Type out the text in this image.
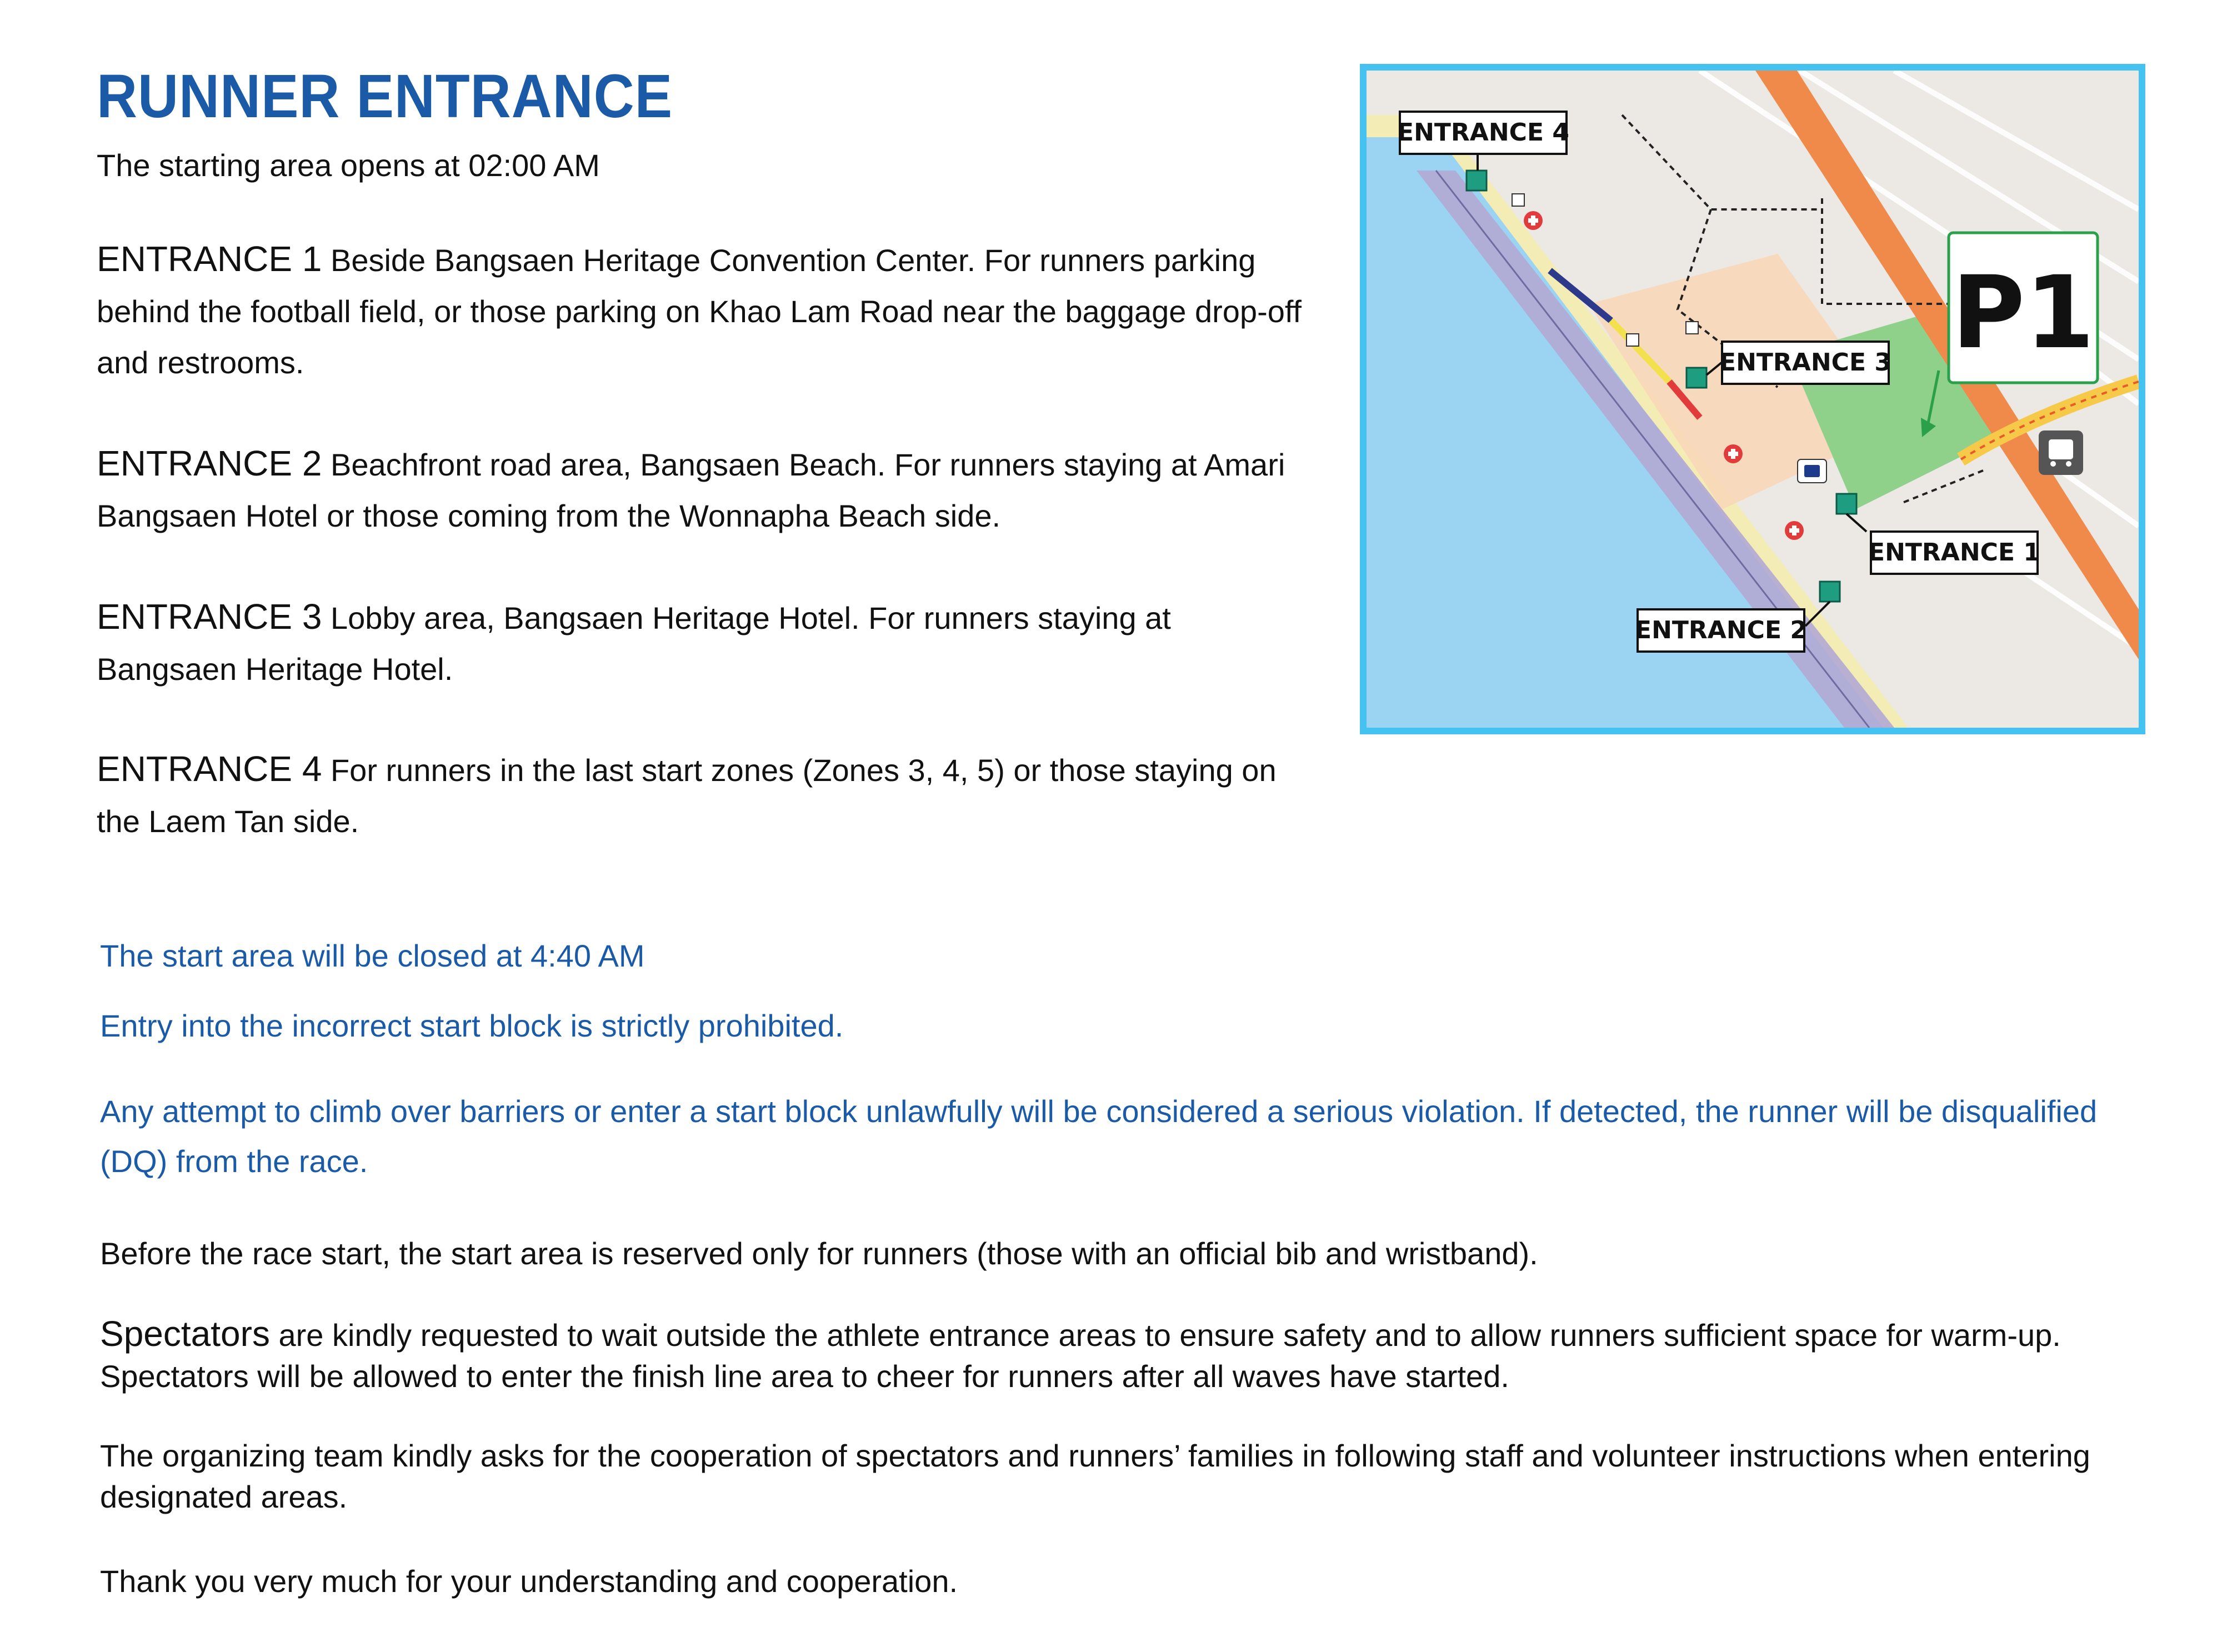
RUNNER ENTRANCE
The starting area opens at 02:00 AM
ENTRANCE 1 Beside Bangsaen Heritage Convention Center. For runners parking behind the football field, or those parking on Khao Lam Road near the baggage drop-off and restrooms.
ENTRANCE 2 Beachfront road area, Bangsaen Beach. For runners staying at Amari Bangsaen Hotel or those coming from the Wonnapha Beach side.
ENTRANCE 3 Lobby area, Bangsaen Heritage Hotel. For runners staying at Bangsaen Heritage Hotel.
ENTRANCE 4 For runners in the last start zones (Zones 3, 4, 5) or those staying on the Laem Tan side.
The start area will be closed at 4:40 AM
Entry into the incorrect start block is strictly prohibited.
Any attempt to climb over barriers or enter a start block unlawfully will be considered a serious violation. If detected, the runner will be disqualified (DQ) from the race.
Before the race start, the start area is reserved only for runners (those with an official bib and wristband).
Spectators are kindly requested to wait outside the athlete entrance areas to ensure safety and to allow runners sufficient space for warm-up. Spectators will be allowed to enter the finish line area to cheer for runners after all waves have started.
The organizing team kindly asks for the cooperation of spectators and runners’ families in following staff and volunteer instructions when entering designated areas.
Thank you very much for your understanding and cooperation.
P1
ENTRANCE 4
ENTRANCE 3
ENTRANCE 1
ENTRANCE 2
